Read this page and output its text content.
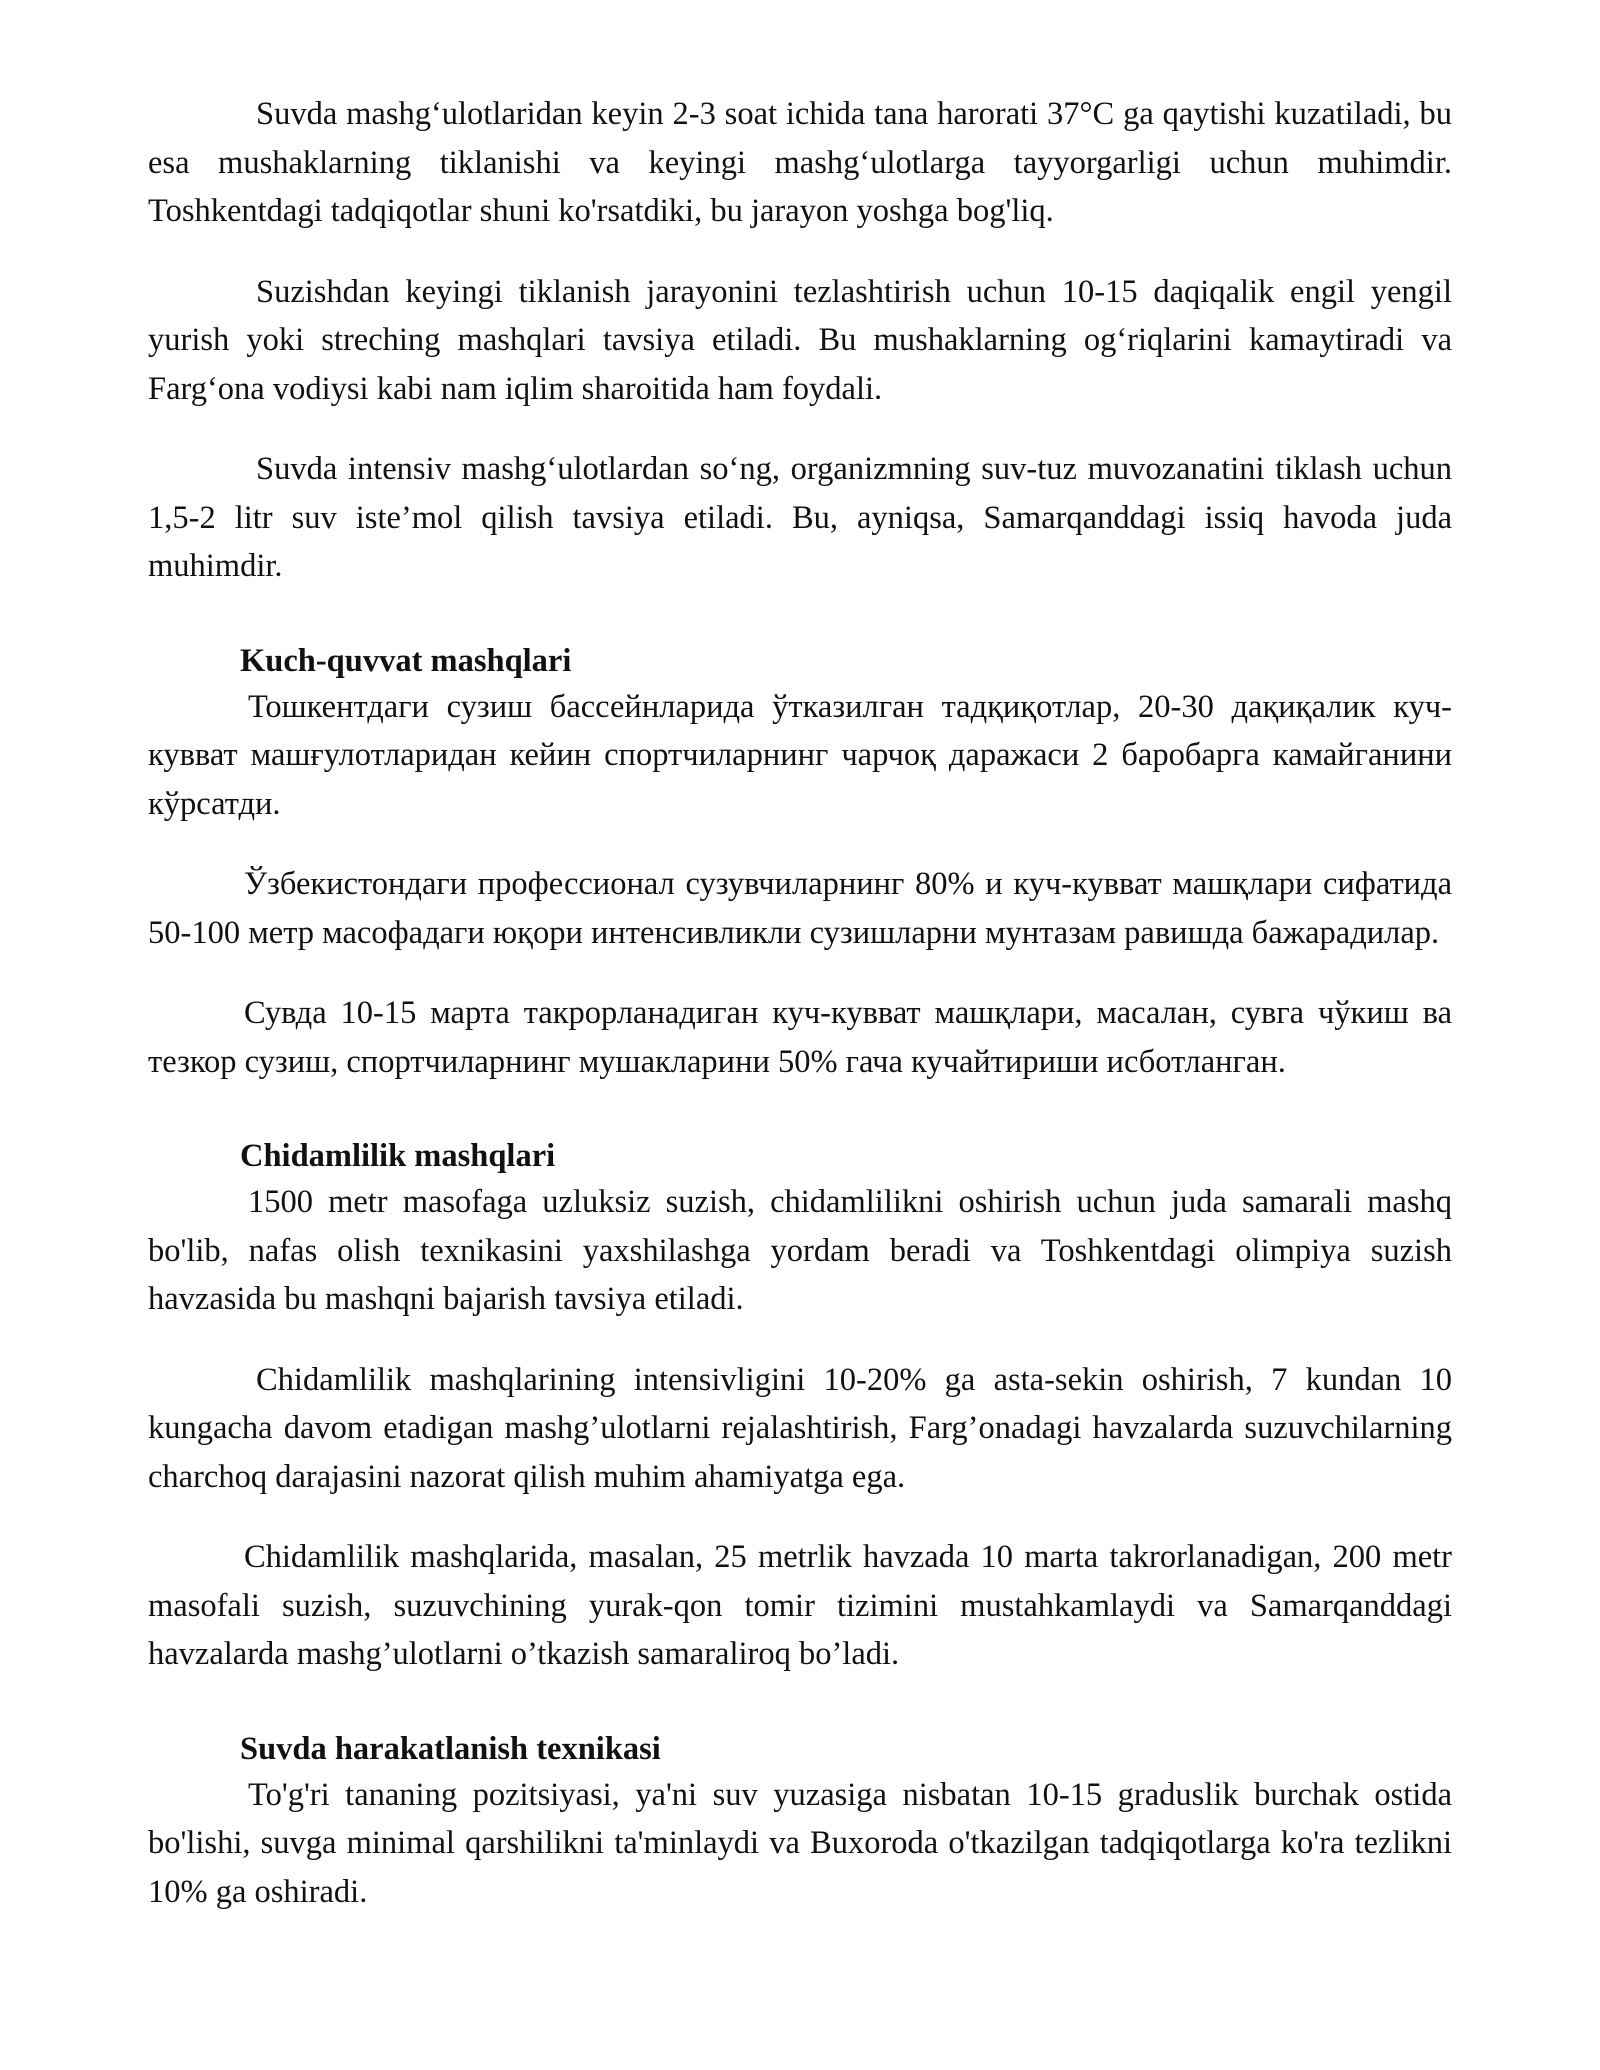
Suvda mashg‘ulotlaridan keyin 2-3 soat ichida tana harorati 37°C ga qaytishi kuzatiladi, bu esa mushaklarning tiklanishi va keyingi mashg‘ulotlarga tayyorgarligi uchun muhimdir. Toshkentdagi tadqiqotlar shuni ko'rsatdiki, bu jarayon yoshga bog'liq.

Suzishdan keyingi tiklanish jarayonini tezlashtirish uchun 10-15 daqiqalik engil yengil yurish yoki streching mashqlari tavsiya etiladi. Bu mushaklarning og‘riqlarini kamaytiradi va Farg‘ona vodiysi kabi nam iqlim sharoitida ham foydali.

Suvda intensiv mashg‘ulotlardan so‘ng, organizmning suv-tuz muvozanatini tiklash uchun 1,5-2 litr suv iste’mol qilish tavsiya etiladi. Bu, ayniqsa, Samarqanddagi issiq havoda juda muhimdir.

Kuch-quvvat mashqlari

Тошкентдаги сузиш бассейнларида ўтказилган тадқиқотлар, 20-30 дақиқалик куч-кувват машғулотларидан кейин спортчиларнинг чарчоқ даражаси 2 баробарга камайганини кўрсатди.

Ўзбекистондаги профессионал сузувчиларнинг 80% и куч-кувват машқлари сифатида 50-100 метр масофадаги юқори интенсивликли сузишларни мунтазам равишда бажарадилар.

Сувда 10-15 марта такрорланадиган куч-кувват машқлари, масалан, сувга чўкиш ва тезкор сузиш, спортчиларнинг мушакларини 50% гача кучайтириши исботланган.

Chidamlilik mashqlari

1500 metr masofaga uzluksiz suzish, chidamlilikni oshirish uchun juda samarali mashq bo'lib, nafas olish texnikasini yaxshilashga yordam beradi va Toshkentdagi olimpiya suzish havzasida bu mashqni bajarish tavsiya etiladi.

Chidamlilik mashqlarining intensivligini 10-20% ga asta-sekin oshirish, 7 kundan 10 kungacha davom etadigan mashg’ulotlarni rejalashtirish, Farg’onadagi havzalarda suzuvchilarning charchoq darajasini nazorat qilish muhim ahamiyatga ega.

Chidamlilik mashqlarida, masalan, 25 metrlik havzada 10 marta takrorlanadigan, 200 metr masofali suzish, suzuvchining yurak-qon tomir tizimini mustahkamlaydi va Samarqanddagi havzalarda mashg’ulotlarni o’tkazish samaraliroq bo’ladi.

Suvda harakatlanish texnikasi

To'g'ri tananing pozitsiyasi, ya'ni suv yuzasiga nisbatan 10-15 graduslik burchak ostida bo'lishi, suvga minimal qarshilikni ta'minlaydi va Buxoroda o'tkazilgan tadqiqotlarga ko'ra tezlikni 10% ga oshiradi.
